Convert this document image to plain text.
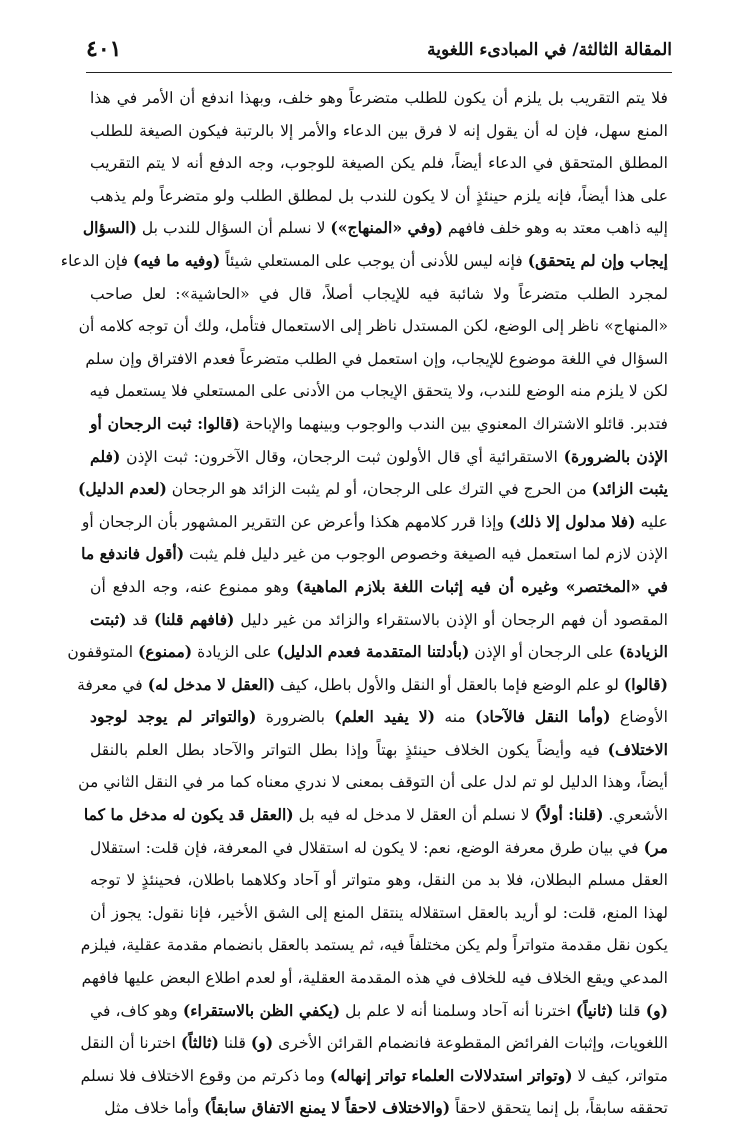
المقالة الثالثة/ في المبادىء اللغوية
٤٠١
فلا يتم التقريب بل يلزم أن يكون للطلب متضرعاً وهو خلف، وبهذا اندفع أن الأمر في هذا
المنع سهل، فإن له أن يقول إنه لا فرق بين الدعاء والأمر إلا بالرتبة فيكون الصيغة للطلب
المطلق المتحقق في الدعاء أيضاً، فلم يكن الصيغة للوجوب، وجه الدفع أنه لا يتم التقريب
على هذا أيضاً، فإنه يلزم حينئذٍ أن لا يكون للندب بل لمطلق الطلب ولو متضرعاً ولم يذهب
إليه ذاهب معتد به وهو خلف فافهم (وفي «المنهاج») لا نسلم أن السؤال للندب بل (السؤال
إيجاب وإن لم يتحقق) فإنه ليس للأدنى أن يوجب على المستعلي شيئاً (وفيه ما فيه) فإن الدعاء
لمجرد الطلب متضرعاً ولا شائبة فيه للإيجاب أصلاً، قال في «الحاشية»: لعل صاحب
«المنهاج» ناظر إلى الوضع، لكن المستدل ناظر إلى الاستعمال فتأمل، ولك أن توجه كلامه أن
السؤال في اللغة موضوع للإيجاب، وإن استعمل في الطلب متضرعاً فعدم الافتراق وإن سلم
لكن لا يلزم منه الوضع للندب، ولا يتحقق الإيجاب من الأدنى على المستعلي فلا يستعمل فيه
فتدبر. قائلو الاشتراك المعنوي بين الندب والوجوب وبينهما والإباحة (قالوا: ثبت الرجحان أو
الإذن بالضرورة) الاستقرائية أي قال الأولون ثبت الرجحان، وقال الآخرون: ثبت الإذن (فلم
يثبت الزائد) من الحرج في الترك على الرجحان، أو لم يثبت الزائد هو الرجحان (لعدم الدليل)
عليه (فلا مدلول إلا ذلك) وإذا قرر كلامهم هكذا وأعرض عن التقرير المشهور بأن الرجحان أو
الإذن لازم لما استعمل فيه الصيغة وخصوص الوجوب من غير دليل فلم يثبت (أقول فاندفع ما
في «المختصر» وغيره أن فيه إثبات اللغة بلازم الماهية) وهو ممنوع عنه، وجه الدفع أن
المقصود أن فهم الرجحان أو الإذن بالاستقراء والزائد من غير دليل (فافهم قلنا) قد (ثبتت
الزيادة) على الرجحان أو الإذن (بأدلتنا المتقدمة فعدم الدليل) على الزيادة (ممنوع) المتوقفون
(قالوا) لو علم الوضع فإما بالعقل أو النقل والأول باطل، كيف (العقل لا مدخل له) في معرفة
الأوضاع (وأما النقل فالآحاد) منه (لا يفيد العلم) بالضرورة (والتواتر لم يوجد لوجود
الاختلاف) فيه وأيضاً يكون الخلاف حينئذٍ بهتاً وإذا بطل التواتر والآحاد بطل العلم بالنقل
أيضاً، وهذا الدليل لو تم لدل على أن التوقف بمعنى لا ندري معناه كما مر في النقل الثاني من
الأشعري. (قلنا: أولاً) لا نسلم أن العقل لا مدخل له فيه بل (العقل قد يكون له مدخل ما كما
مر) في بيان طرق معرفة الوضع، نعم: لا يكون له استقلال في المعرفة، فإن قلت: استقلال
العقل مسلم البطلان، فلا بد من النقل، وهو متواتر أو آحاد وكلاهما باطلان، فحينئذٍ لا توجه
لهذا المنع، قلت: لو أريد بالعقل استقلاله ينتقل المنع إلى الشق الأخير، فإنا نقول: يجوز أن
يكون نقل مقدمة متواتراً ولم يكن مختلفاً فيه، ثم يستمد بالعقل بانضمام مقدمة عقلية، فيلزم
المدعي ويقع الخلاف فيه للخلاف في هذه المقدمة العقلية، أو لعدم اطلاع البعض عليها فافهم
(و) قلنا (ثانياً) اخترنا أنه آحاد وسلمنا أنه لا علم بل (يكفي الظن بالاستقراء) وهو كاف، في
اللغويات، وإثبات الفرائض المقطوعة فانضمام القرائن الأخرى (و) قلنا (ثالثاً) اخترنا أن النقل
متواتر، كيف لا (وتواتر استدلالات العلماء تواتر إنهاله) وما ذكرتم من وقوع الاختلاف فلا نسلم
تحققه سابقاً، بل إنما يتحقق لاحقاً (والاختلاف لاحقاً لا يمنع الاتفاق سابقاً) وأما خلاف مثل
